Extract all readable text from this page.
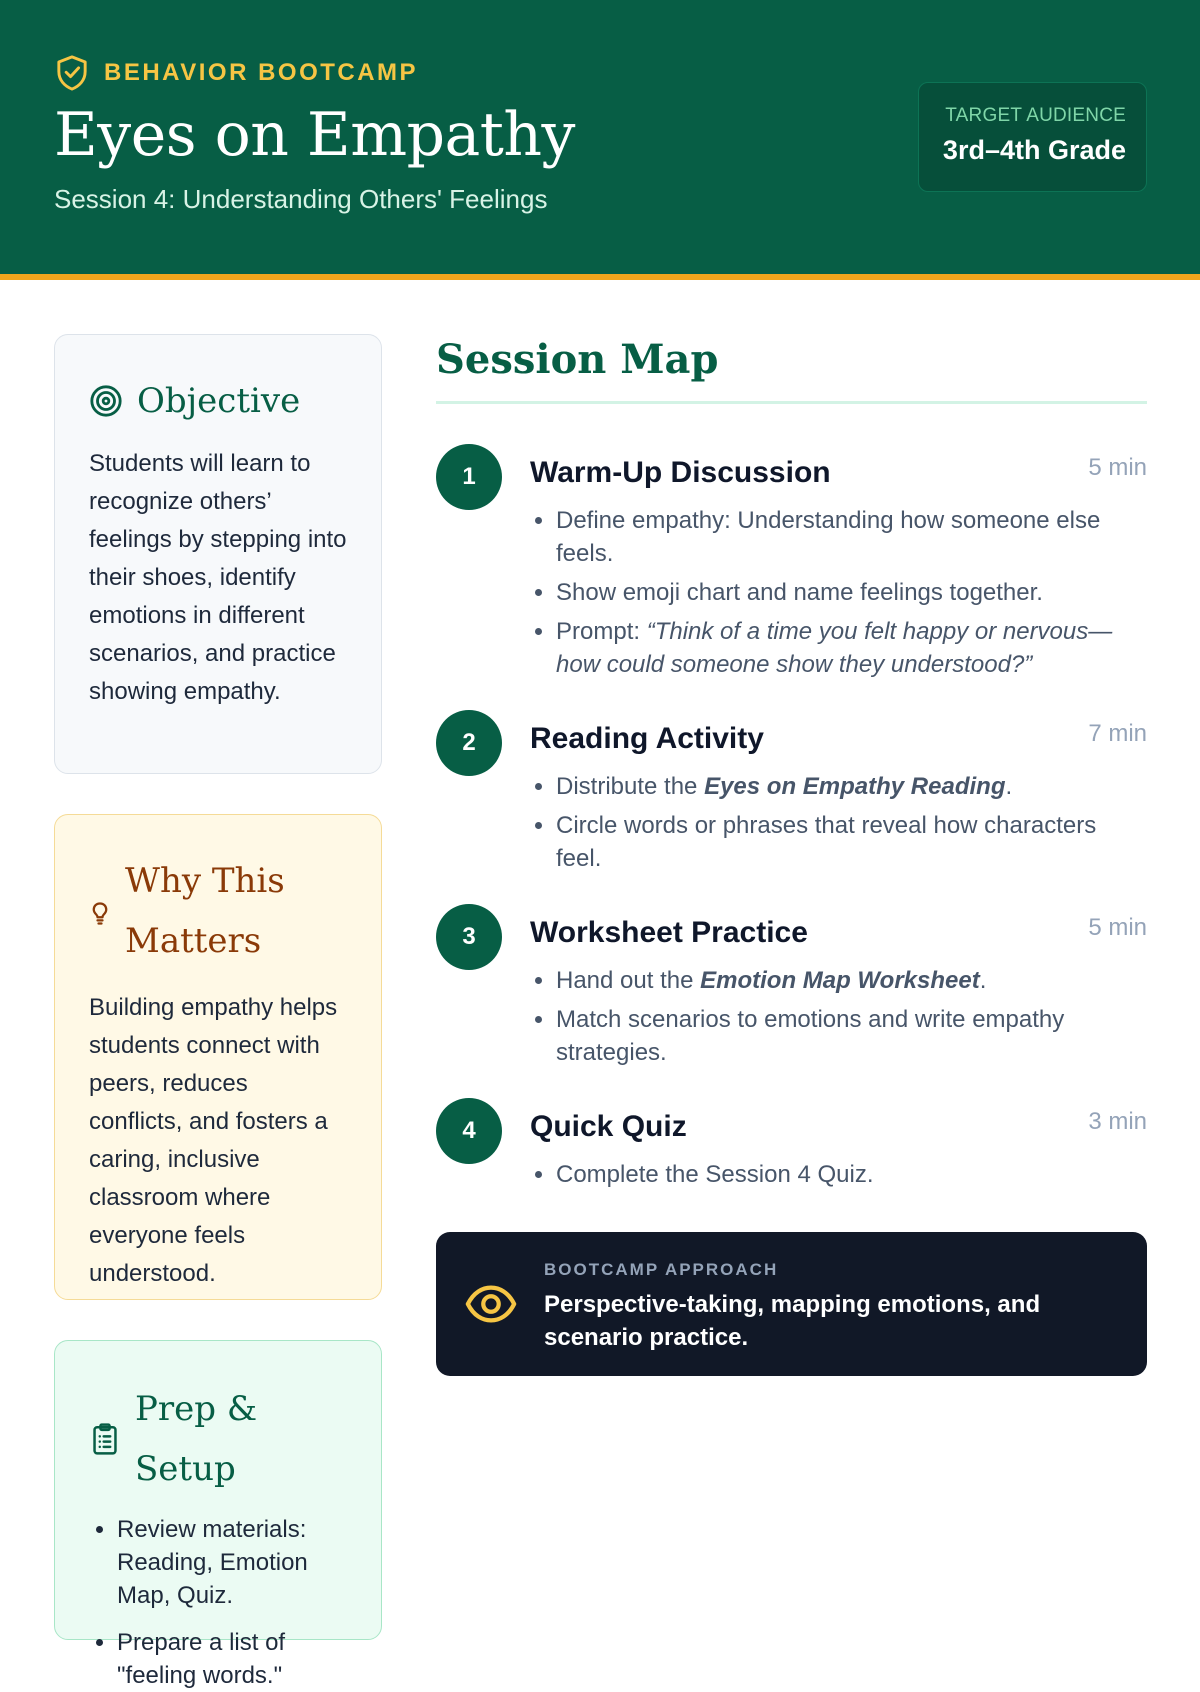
BEHAVIOR BOOTCAMP
Eyes on Empathy
Session 4: Understanding Others' Feelings
TARGET AUDIENCE
3rd–4th Grade
Objective

Students will learn to recognize others’ feelings by stepping into their shoes, identify emotions in different scenarios, and practice showing empathy.

Why This Matters

Building empathy helps students connect with peers, reduces conflicts, and fosters a caring, inclusive classroom where everyone feels understood.

Prep & Setup
• Review materials: Reading, Emotion Map, Quiz.
• Prepare a list of "feeling words."
Session Map
1	Warm-Up Discussion	5 min
• Define empathy: Understanding how someone else feels.
• Show emoji chart and name feelings together.
• Prompt: “Think of a time you felt happy or nervous—how could someone show they understood?”
2	Reading Activity	7 min
• Distribute the Eyes on Empathy Reading.
• Circle words or phrases that reveal how characters feel.
3	Worksheet Practice	5 min
• Hand out the Emotion Map Worksheet.
• Match scenarios to emotions and write empathy strategies.
4	Quick Quiz	3 min
• Complete the Session 4 Quiz.
BOOTCAMP APPROACH
Perspective-taking, mapping emotions, and scenario practice.
